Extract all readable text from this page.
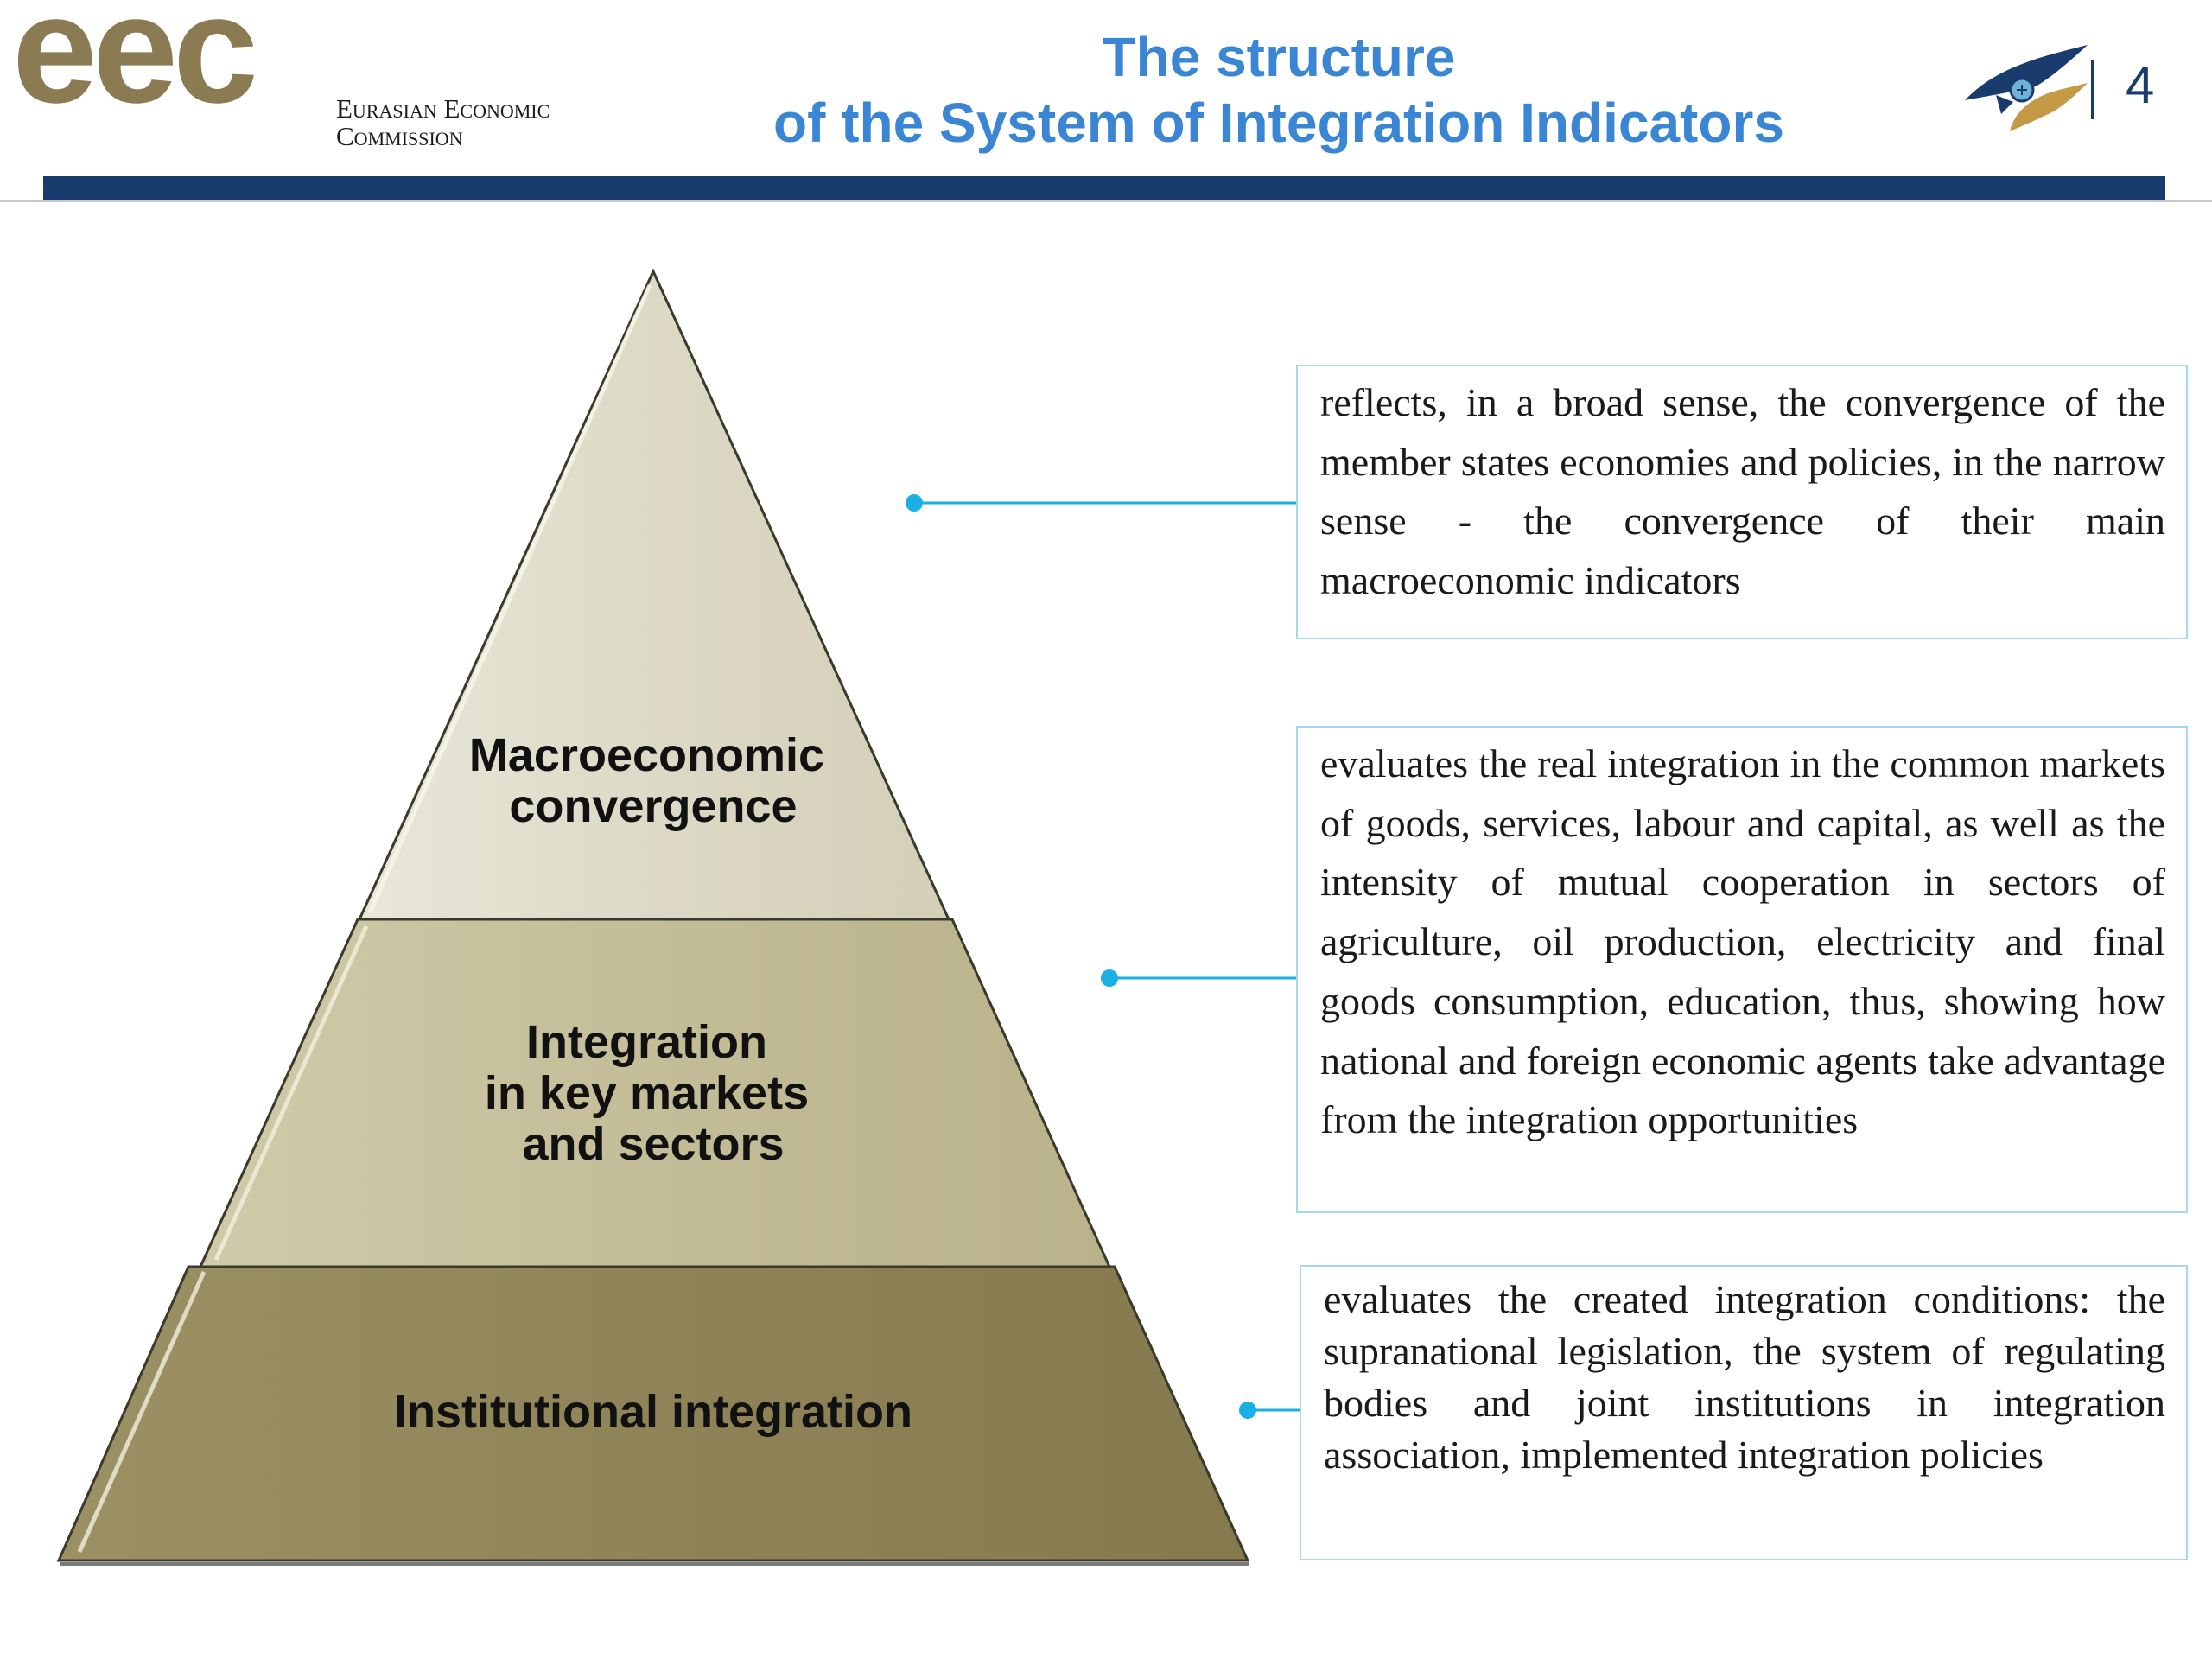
eec	Eurasian Economic
Commission
The structure
of the System of Integration Indicators
4
Macroeconomic convergence
Integration in key markets and sectors
Institutional integration
reflects, in a broad sense, the convergence of the member states economies and policies, in the narrow sense - the convergence of their main macroeconomic indicators
evaluates the real integration in the common markets of goods, services, labour and capital, as well as the intensity of mutual cooperation in sectors of agriculture, oil production, electricity and final goods consumption, education, thus, showing how national and foreign economic agents take advantage from the integration opportunities
evaluates the created integration conditions: the supranational legislation, the system of regulating bodies and joint institutions in integration association, implemented integration policies
